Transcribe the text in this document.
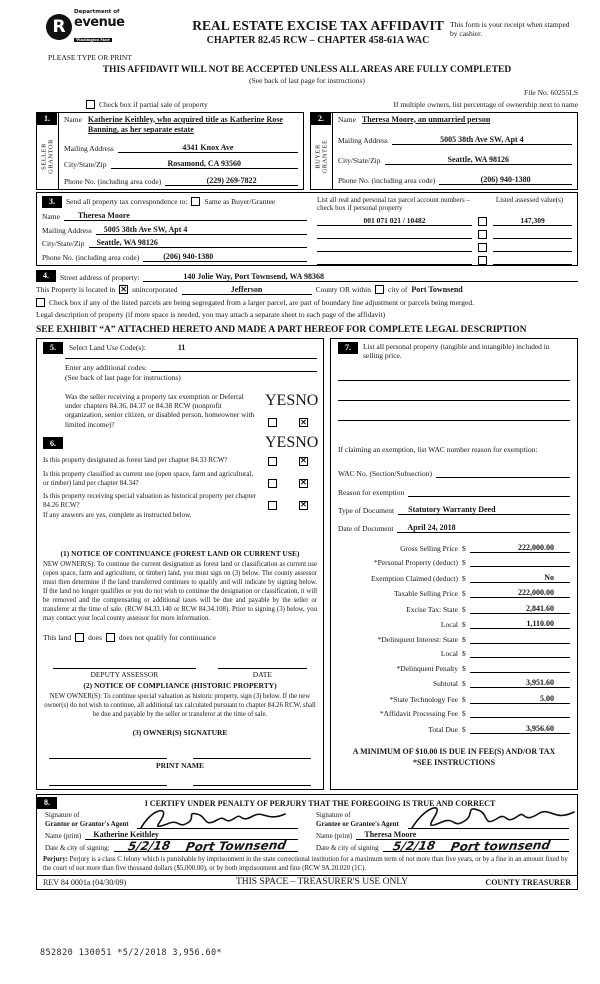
R
Department of
evenue
Washington State
PLEASE TYPE OR PRINT
REAL ESTATE EXCISE TAX AFFIDAVIT
CHAPTER 82.45 RCW – CHAPTER 458-61A WAC
This form is your receipt when stamped by cashier.
THIS AFFIDAVIT WILL NOT BE ACCEPTED UNLESS ALL AREAS ARE FULLY COMPLETED
(See back of last page for instructions)
File No. 60255LS
Check box if partial sale of property	If multiple owners, list percentage of ownership next to name
1.
SELLER GRANTOR
Name Katherine Keithley, who acquired title as Katherine Rose Banning, as her separate estate
Mailing Address	4341 Knox Ave
City/State/Zip	Rosamond, CA 93560
Phone No. (including area code)	(229) 269-7822
2.
BUYER GRANTEE
Name Theresa Moore, an unmarried person
Mailing Address	5005 38th Ave SW, Apt 4
City/State/Zip	Seattle, WA 98126
Phone No. (including area code)	(206) 940-1380
3.	Send all property tax correspondence to: Same as Buyer/Grantee
Name	Theresa Moore
Mailing Address	5005 38th Ave SW, Apt 4
City/State/Zip	Seattle, WA 98126
Phone No. (including area code)	(206) 940-1380
List all real and personal tax parcel account numbers – check box if personal property
Listed assessed value(s)
001 071 021 / 10482	147,309
4.	Street address of property:	140 Jolie Way, Port Townsend, WA 98368
This Property is located in ✕ unincorporated	Jefferson	County OR within city of Port Townsend
Check box if any of the listed parcels are being segregated from a larger parcel, are part of boundary line adjustment or parcels being merged.
Legal description of property (if more space is needed, you may attach a separate sheet to each page of the affidavit)
SEE EXHIBIT “A” ATTACHED HERETO AND MADE A PART HEREOF FOR COMPLETE LEGAL DESCRIPTION
5.	Select Land Use Code(s):	11
Enter any additional codes:
(See back of last page for instructions)
Was the seller receiving a property tax exemption or Deferral under chapters 84.36, 84.37 or 84.38 RCW (nonprofit organization, senior citizen, or disabled person, homeowner with limited income)?
YES NO
✕
6.	YES NO
Is this property designated as forest land per chapter 84.33 RCW?	✕
Is this property classified as current use (open space, farm and agricultural, or timber) land per chapter 84.34?	✕
Is this property receiving special valuation as historical property per chapter 84.26 RCW?	✕
If any answers are yes, complete as instructed below.
(1) NOTICE OF CONTINUANCE (FOREST LAND OR CURRENT USE)
NEW OWNER(S): To continue the current designation as forest land or classification as current use (open space, farm and agriculture, or timber) land, you must sign on (3) below. The county assessor must then determine if the land transferred continues to qualify and will indicate by signing below. If the land no longer qualifies or you do not wish to continue the designation or classification, it will be removed and the compensating or additional taxes will be due and payable by the seller or transferor at the time of sale. (RCW 84.33.140 or RCW 84.34.108). Prior to signing (3) below, you may contact your local county assessor for more information.
This land does does not qualify for continuance
DEPUTY ASSESSOR	DATE
(2) NOTICE OF COMPLIANCE (HISTORIC PROPERTY)
NEW OWNER(S): To continue special valuation as historic property, sign (3) below. If the new owner(s) do not wish to continue, all additional tax calculated pursuant to chapter 84.26 RCW, shall be due and payable by the seller or transferor at the time of sale.
(3) OWNER(S) SIGNATURE
PRINT NAME
7.	List all personal property (tangible and intangible) included in selling price.
If claiming an exemption, list WAC number reason for exemption:
WAC No. (Section/Subsection)
Reason for exemption
Type of Document	Statutory Warranty Deed
Date of Document	April 24, 2018
Gross Selling Price $	222,000.00
*Personal Property (deduct) $
Exemption Claimed (deduct) $	No
Taxable Selling Price $	222,000.00
Excise Tax: State $	2,841.60
Local $	1,110.00
*Delinquent Interest: State $
Local $
*Delinquent Penalty $
Subtotal $	3,951.60
*State Technology Fee $	5.00
*Affidavit Processing Fee $
Total Due $	3,956.60
A MINIMUM OF $10.00 IS DUE IN FEE(S) AND/OR TAX
*SEE INSTRUCTIONS
8.	I CERTIFY UNDER PENALTY OF PERJURY THAT THE FOREGOING IS TRUE AND CORRECT
Signature of
Grantor or Grantor's Agent
Name (print)	Katherine Keithley
Date & city of signing: 5/2/18 Port Townsend
Signature of
Grantee or Grantee's Agent
Name (print)	Theresa Moore
Date & city of signing 5/2/18 Port townsend
Perjury: Perjury is a class C felony which is punishable by imprisonment in the state correctional institution for a maximum term of not more than five years, or by a fine in an amount fixed by the court of not more than five thousand dollars ($5,000.00), or by both imprisonment and fine (RCW 9A.20.020 (1C).
REV 84 0001a (04/30/09)	THIS SPACE – TREASURER'S USE ONLY	COUNTY TREASURER
852820 130051 *5/2/2018 3,956.60*
